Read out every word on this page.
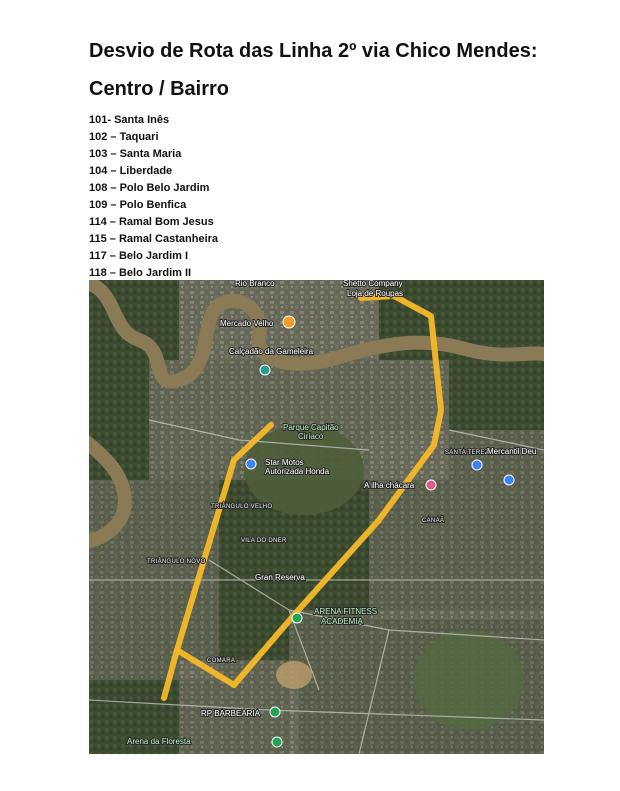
Desvio de Rota das Linha 2º via Chico Mendes:
Centro / Bairro
101- Santa Inês
102 – Taquari
103 – Santa Maria
104 – Liberdade
108 – Polo Belo Jardim
109 – Polo Benfica
114 – Ramal Bom Jesus
115 – Ramal Castanheira
117 – Belo Jardim I
118 – Belo Jardim II
Rio Branco	Shetto Company
Loja de Roupas
Mercado Velho
Calçadão da Gameleira
Parque Capitão
Ciríaco
Star Motos
Autorizada Honda
SANTA TEREZINHA
Mercantil Deu
A ilha chácara
TRIÂNGULO VELHO
CANAÃ
VILA DO DNER
TRIÂNGULO NOVO
Gran Reserva
ARENA FITNESS
ACADEMIA
COMARA
RP BARBEARIA
Arena da Floresta
